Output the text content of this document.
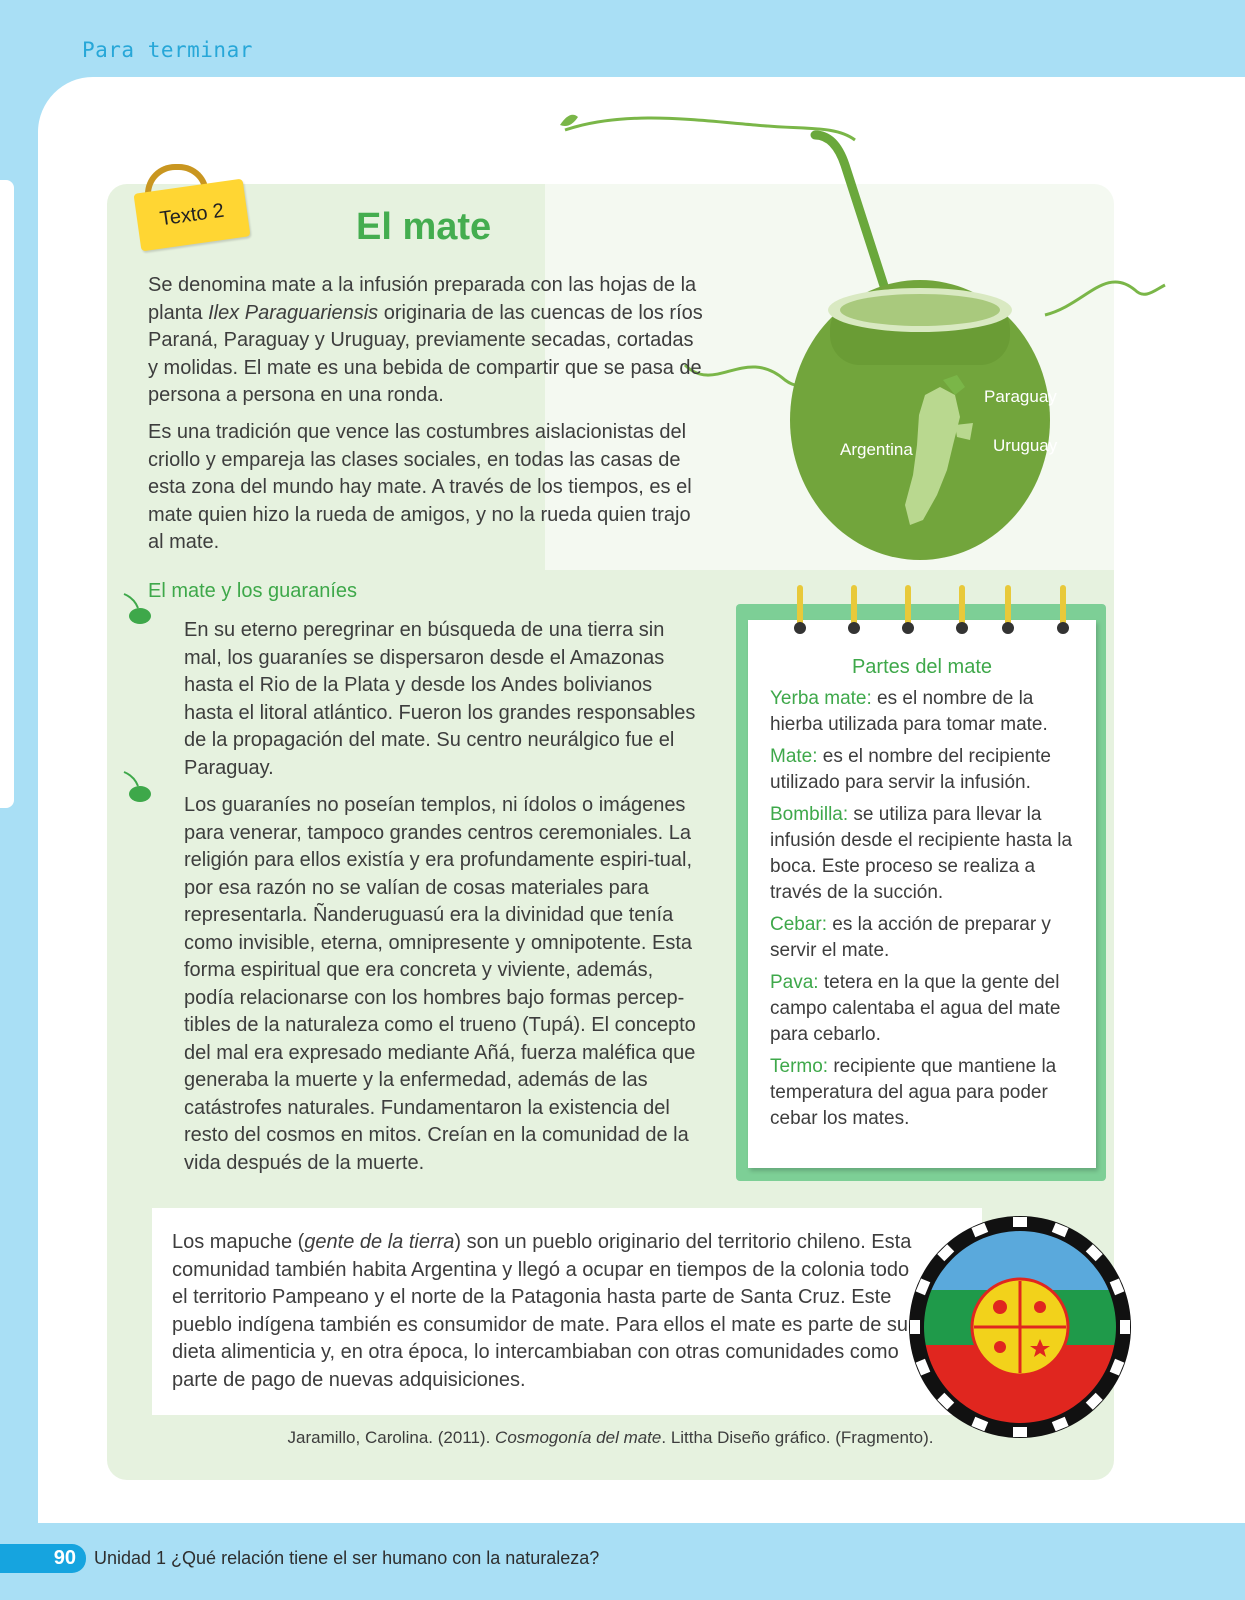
Para terminar
Paraguay
Uruguay
Argentina
Texto 2	El mate

Se denomina mate a la infusión preparada con las hojas de la planta Ilex Paraguariensis originaria de las cuencas de los ríos Paraná, Paraguay y Uruguay, previamente secadas, cortadas y molidas. El mate es una bebida de compartir que se pasa de persona a persona en una ronda.

Es una tradición que vence las costumbres aislacionistas del criollo y empareja las clases sociales, en todas las casas de esta zona del mundo hay mate. A través de los tiempos, es el mate quien hizo la rueda de amigos, y no la rueda quien trajo al mate.

El mate y los guaraníes

En su eterno peregrinar en búsqueda de una tierra sin mal, los guaraníes se dispersaron desde el Amazonas hasta el Rio de la Plata y desde los Andes bolivianos hasta el litoral atlántico. Fueron los grandes responsables de la propagación del mate. Su centro neurálgico fue el Paraguay.

Los guaraníes no poseían templos, ni ídolos o imágenes para venerar, tampoco grandes centros ceremoniales. La religión para ellos existía y era profundamente espiri-tual, por esa razón no se valían de cosas materiales para representarla. Ñanderuguasú era la divinidad que tenía como invisible, eterna, omnipresente y omnipotente. Esta forma espiritual que era concreta y viviente, además, podía relacionarse con los hombres bajo formas percep-tibles de la naturaleza como el trueno (Tupá). El concepto del mal era expresado mediante Añá, fuerza maléfica que generaba la muerte y la enfermedad, además de las catástrofes naturales. Fundamentaron la existencia del resto del cosmos en mitos. Creían en la comunidad de la vida después de la muerte.

Partes del mate
Yerba mate: es el nombre de la hierba utilizada para tomar mate.
Mate: es el nombre del recipiente utilizado para servir la infusión.
Bombilla: se utiliza para llevar la infusión desde el recipiente hasta la boca. Este proceso se realiza a través de la succión.
Cebar: es la acción de preparar y servir el mate.
Pava: tetera en la que la gente del campo calentaba el agua del mate para cebarlo.
Termo: recipiente que mantiene la temperatura del agua para poder cebar los mates.

Los mapuche (gente de la tierra) son un pueblo originario del territorio chileno. Esta comunidad también habita Argentina y llegó a ocupar en tiempos de la colonia todo el territorio Pampeano y el norte de la Patagonia hasta parte de Santa Cruz. Este pueblo indígena también es consumidor de mate. Para ellos el mate es parte de su dieta alimenticia y, en otra época, lo intercambiaban con otras comunidades como parte de pago de nuevas adquisiciones.

Jaramillo, Carolina. (2011). Cosmogonía del mate. Littha Diseño gráfico. (Fragmento).
90	Unidad 1 ¿Qué relación tiene el ser humano con la naturaleza?
